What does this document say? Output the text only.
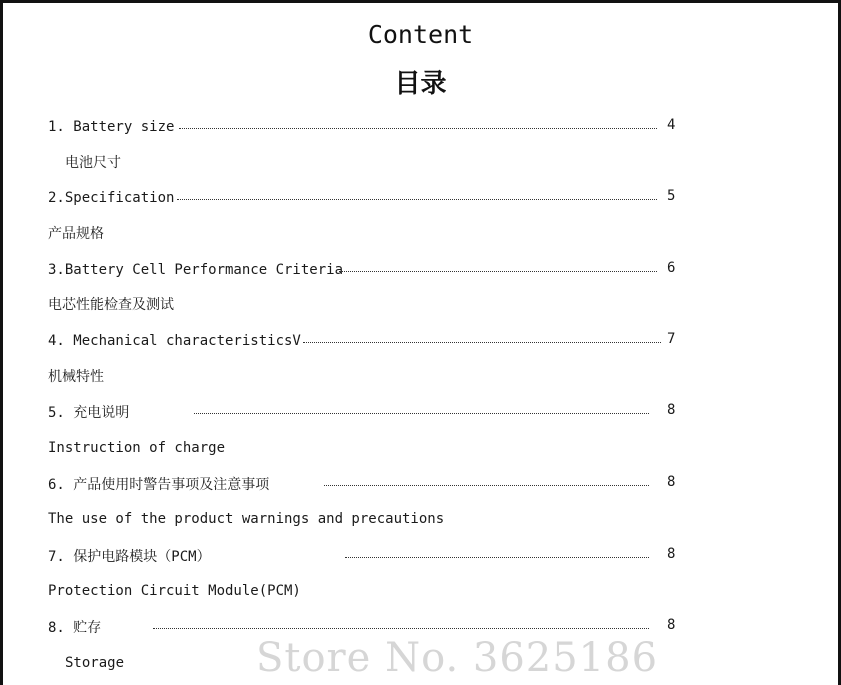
Content
目录
1. Battery size	4
电池尺寸
2.Specification	5
产品规格
3.Battery Cell Performance Criteria	6
电芯性能检查及测试
4. Mechanical characteristicsV	7
机械特性
5. 充电说明	8
Instruction of charge
6. 产品使用时警告事项及注意事项	8
The use of the product warnings and precautions
7. 保护电路模块（PCM）	8
Protection Circuit Module(PCM)
8. 贮存	8
Storage	Store No. 3625186
